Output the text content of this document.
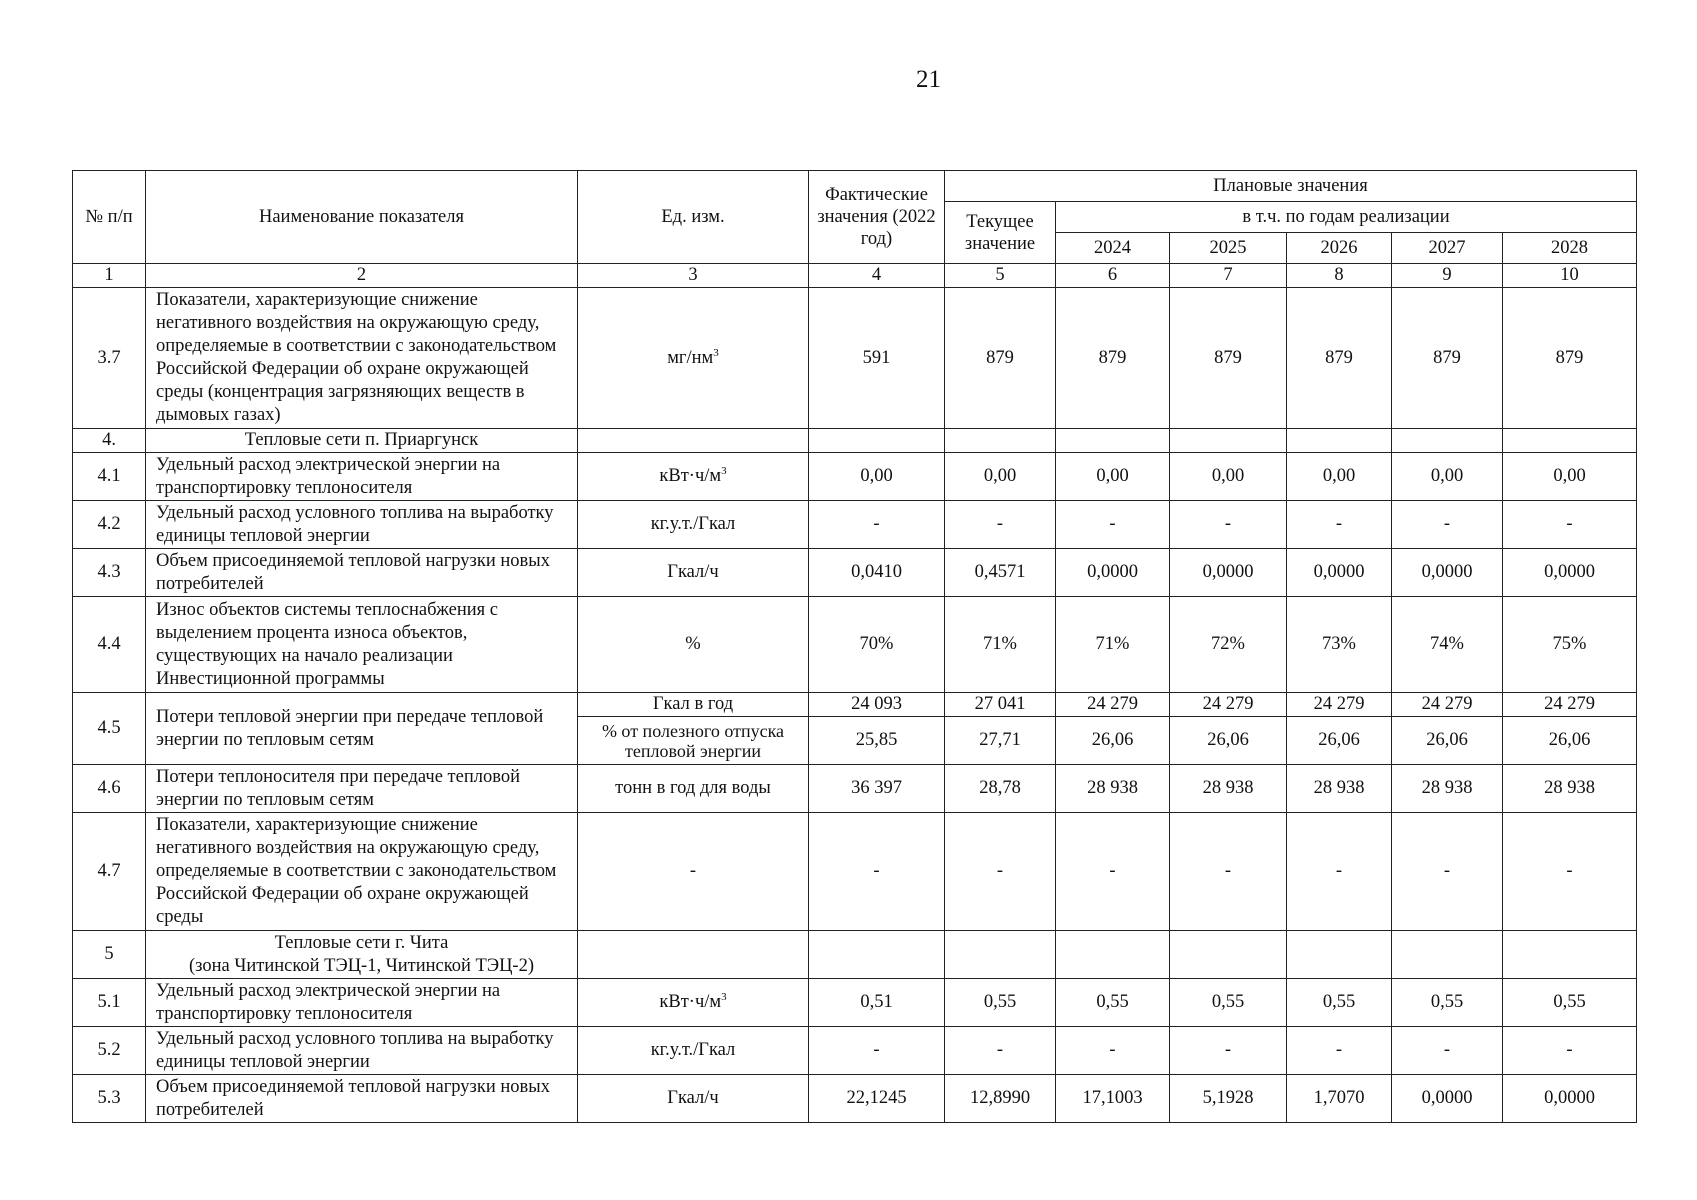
21
№ п/п	Наименование показателя	Ед. изм.	Фактические значения (2022 год)	Плановые значения					
				Текущее значение	в т.ч. по годам реализации				
					2024	2025	2026	2027	2028
1	2	3	4	5	6	7	8	9	10
3.7	Показатели, характеризующие снижение негативного воздействия на окружающую среду, определяемые в соответствии с законодательством Российской Федерации об охране окружающей среды (концентрация загрязняющих веществ в дымовых газах)	$мг/нм^3$	591	879	879	879	879	879	879
4.	Тепловые сети п. Приаргунск								
4.1	Удельный расход электрической энергии на транспортировку теплоносителя	$кВт\cdot ч/м^3$	0,00	0,00	0,00	0,00	0,00	0,00	0,00
4.2	Удельный расход условного топлива на выработку единицы тепловой энергии	кг.у.т./Гкал	-	-	-	-	-	-	-
4.3	Объем присоединяемой тепловой нагрузки новых потребителей	Гкал/ч	0,0410	0,4571	0,0000	0,0000	0,0000	0,0000	0,0000
4.4	Износ объектов системы теплоснабжения с выделением процента износа объектов, существующих на начало реализации Инвестиционной программы	%	70%	71%	71%	72%	73%	74%	75%
4.5	Потери тепловой энергии при передаче тепловой энергии по тепловым сетям	Гкал в год	24 093	27 041	24 279	24 279	24 279	24 279	24 279
		% от полезного отпуска тепловой энергии	25,85	27,71	26,06	26,06	26,06	26,06	26,06
4.6	Потери теплоносителя при передаче тепловой энергии по тепловым сетям	тонн в год для воды	36 397	28,78	28 938	28 938	28 938	28 938	28 938
4.7	Показатели, характеризующие снижение негативного воздействия на окружающую среду, определяемые в соответствии с законодательством Российской Федерации об охране окружающей среды	-	-	-	-	-	-	-	-
5	Тепловые сети г. Чита
(зона Читинской ТЭЦ-1, Читинской ТЭЦ-2)								

5.1	Удельный расход электрической энергии на транспортировку теплоносителя	$кВт\cdot ч/м^3$	0,51	0,55	0,55	0,55	0,55	0,55	0,55
5.2	Удельный расход условного топлива на выработку единицы тепловой энергии	кг.у.т./Гкал	-	-	-	-	-	-	-
5.3	Объем присоединяемой тепловой нагрузки новых потребителей	Гкал/ч	22,1245	12,8990	17,1003	5,1928	1,7070	0,0000	0,0000
